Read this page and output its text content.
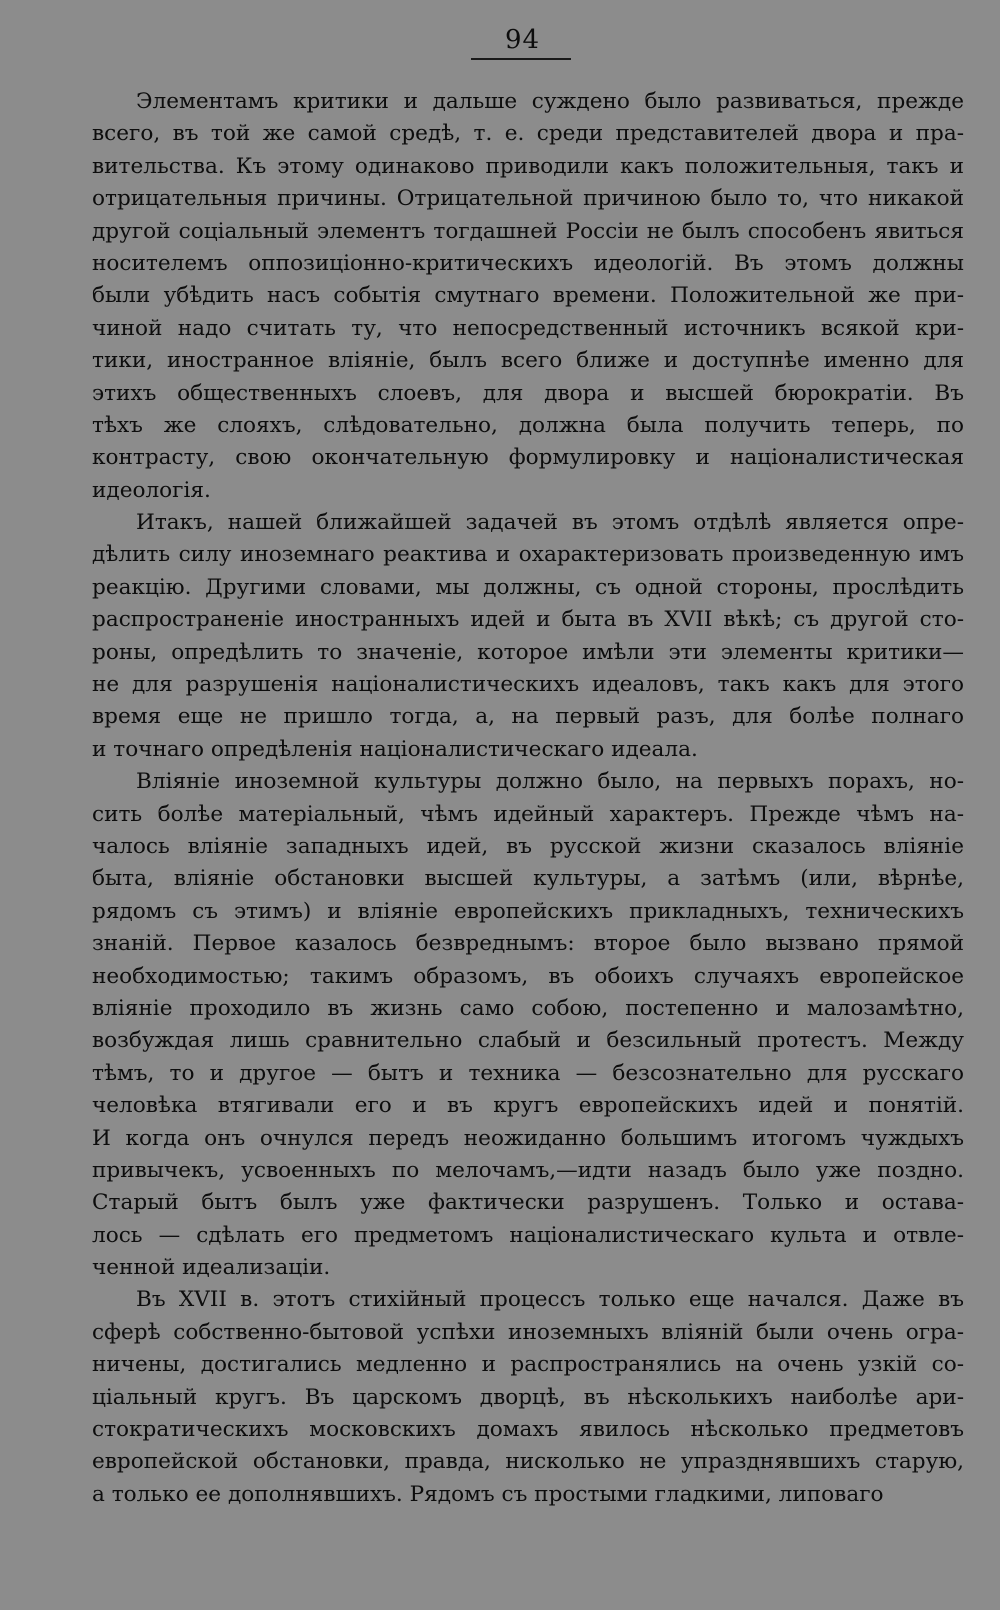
94
Элементамъ критики и дальше суждено было развиваться, прежде
всего, въ той же самой средѣ, т. е. среди представителей двора и пра-
вительства. Къ этому одинаково приводили какъ положительныя, такъ и
отрицательныя причины. Отрицательной причиною было то, что никакой
другой соціальный элементъ тогдашней Россіи не былъ способенъ явиться
носителемъ оппозиціонно-критическихъ идеологій. Въ этомъ должны
были убѣдить насъ событія смутнаго времени. Положительной же при-
чиной надо считать ту, что непосредственный источникъ всякой кри-
тики, иностранное вліяніе, былъ всего ближе и доступнѣе именно для
этихъ общественныхъ слоевъ, для двора и высшей бюрократіи. Въ
тѣхъ же слояхъ, слѣдовательно, должна была получить теперь, по
контрасту, свою окончательную формулировку и націоналистическая
идеологія.
Итакъ, нашей ближайшей задачей въ этомъ отдѣлѣ является опре-
дѣлить силу иноземнаго реактива и охарактеризовать произведенную имъ
реакцію. Другими словами, мы должны, съ одной стороны, прослѣдить
распространеніе иностранныхъ идей и быта въ XVII вѣкѣ; съ другой сто-
роны, опредѣлить то значеніе, которое имѣли эти элементы критики—
не для разрушенія націоналистическихъ идеаловъ, такъ какъ для этого
время еще не пришло тогда, а, на первый разъ, для болѣе полнаго
и точнаго опредѣленія націоналистическаго идеала.
Вліяніе иноземной культуры должно было, на первыхъ порахъ, но-
сить болѣе матеріальный, чѣмъ идейный характеръ. Прежде чѣмъ на-
чалось вліяніе западныхъ идей, въ русской жизни сказалось вліяніе
быта, вліяніе обстановки высшей культуры, а затѣмъ (или, вѣрнѣе,
рядомъ съ этимъ) и вліяніе европейскихъ прикладныхъ, техническихъ
знаній. Первое казалось безвреднымъ: второе было вызвано прямой
необходимостью; такимъ образомъ, въ обоихъ случаяхъ европейское
вліяніе проходило въ жизнь само собою, постепенно и малозамѣтно,
возбуждая лишь сравнительно слабый и безсильный протестъ. Между
тѣмъ, то и другое — бытъ и техника — безсознательно для русскаго
человѣка втягивали его и въ кругъ европейскихъ идей и понятій.
И когда онъ очнулся передъ неожиданно большимъ итогомъ чуждыхъ
привычекъ, усвоенныхъ по мелочамъ,—идти назадъ было уже поздно.
Старый бытъ былъ уже фактически разрушенъ. Только и остава-
лось — сдѣлать его предметомъ націоналистическаго культа и отвле-
ченной идеализаціи.
Въ XVII в. этотъ стихійный процессъ только еще начался. Даже въ
сферѣ собственно-бытовой успѣхи иноземныхъ вліяній были очень огра-
ничены, достигались медленно и распространялись на очень узкій со-
ціальный кругъ. Въ царскомъ дворцѣ, въ нѣсколькихъ наиболѣе ари-
стократическихъ московскихъ домахъ явилось нѣсколько предметовъ
европейской обстановки, правда, нисколько не упразднявшихъ старую,
а только ее дополнявшихъ. Рядомъ съ простыми гладкими, липоваго
